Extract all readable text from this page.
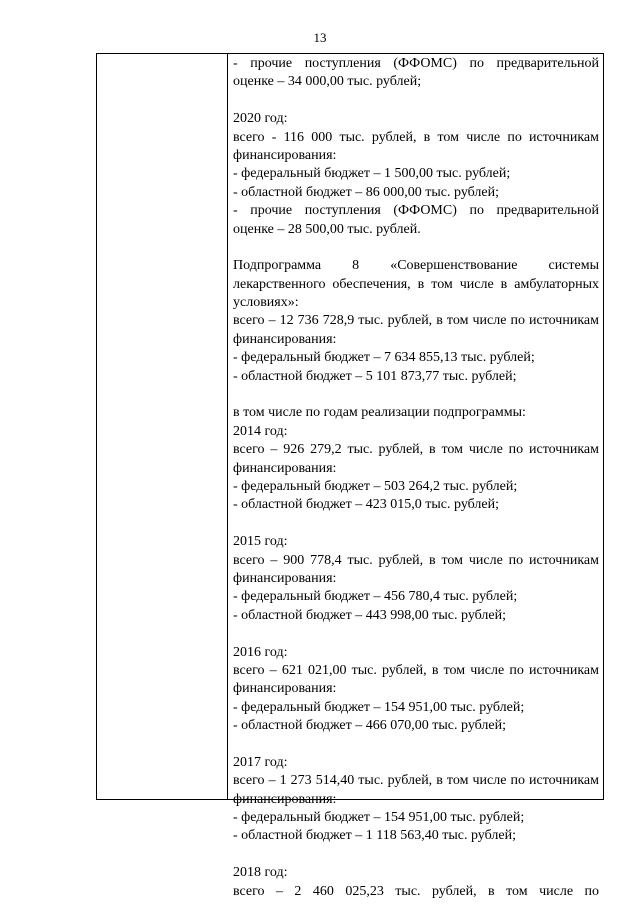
13
- прочие поступления (ФФОМС) по предварительной
оценке – 34 000,00 тыс. рублей;
2020 год:
всего - 116 000 тыс. рублей, в том числе по источникам
финансирования:
- федеральный бюджет – 1 500,00 тыс. рублей;
- областной бюджет – 86 000,00 тыс. рублей;
- прочие поступления (ФФОМС) по предварительной
оценке – 28 500,00 тыс. рублей.
Подпрограмма 8 «Совершенствование системы
лекарственного обеспечения, в том числе в амбулаторных
условиях»:
всего – 12 736 728,9 тыс. рублей, в том числе по источникам
финансирования:
- федеральный бюджет – 7 634 855,13 тыс. рублей;
- областной бюджет – 5 101 873,77 тыс. рублей;
в том числе по годам реализации подпрограммы:
2014 год:
всего – 926 279,2 тыс. рублей, в том числе по источникам
финансирования:
- федеральный бюджет – 503 264,2 тыс. рублей;
- областной бюджет – 423 015,0 тыс. рублей;
2015 год:
всего – 900 778,4 тыс. рублей, в том числе по источникам
финансирования:
- федеральный бюджет – 456 780,4 тыс. рублей;
- областной бюджет – 443 998,00 тыс. рублей;
2016 год:
всего – 621 021,00 тыс. рублей, в том числе по источникам
финансирования:
- федеральный бюджет – 154 951,00 тыс. рублей;
- областной бюджет – 466 070,00 тыс. рублей;
2017 год:
всего – 1 273 514,40 тыс. рублей, в том числе по источникам
финансирования:
- федеральный бюджет – 154 951,00 тыс. рублей;
- областной бюджет – 1 118 563,40 тыс. рублей;
2018 год:
всего – 2 460 025,23 тыс. рублей, в том числе по
